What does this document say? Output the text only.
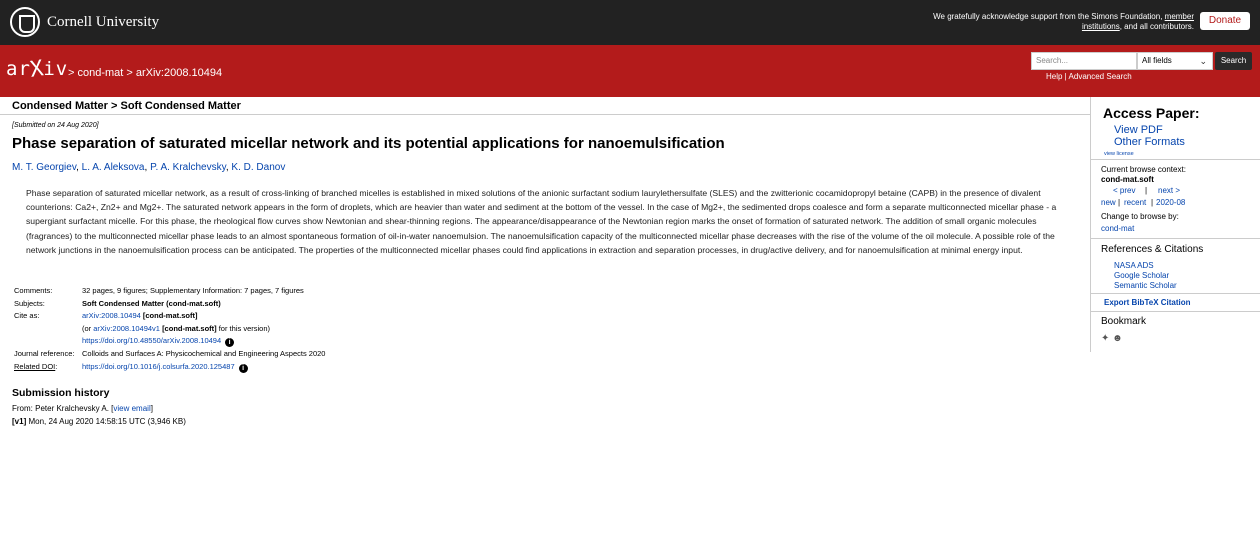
Cornell University	We gratefully acknowledge support from the Simons Foundation, member institutions, and all contributors.
Donate
arXiv > cond-mat > arXiv:2008.10494
Search...	All fields	⌄	Search
Help | Advanced Search
Condensed Matter > Soft Condensed Matter
[Submitted on 24 Aug 2020]
Phase separation of saturated micellar network and its potential applications for nanoemulsification
M. T. Georgiev, L. A. Aleksova, P. A. Kralchevsky, K. D. Danov
Phase separation of saturated micellar network, as a result of cross-linking of branched micelles is established in mixed solutions of the anionic surfactant sodium laurylethersulfate (SLES) and the zwitterionic cocamidopropyl betaine (CAPB) in the presence of divalent counterions: Ca2+, Zn2+ and Mg2+. The saturated network appears in the form of droplets, which are heavier than water and sediment at the bottom of the vessel. In the case of Mg2+, the sedimented drops coalesce and form a separate multiconnected micellar phase - a supergiant surfactant micelle. For this phase, the rheological flow curves show Newtonian and shear-thinning regions. The appearance/disappearance of the Newtonian region marks the onset of formation of saturated network. The addition of small organic molecules (fragrances) to the multiconnected micellar phase leads to an almost spontaneous formation of oil-in-water nanoemulsion. The nanoemulsification capacity of the multiconnected micellar phase decreases with the rise of the volume of the oil molecule. A possible role of the network junctions in the nanoemulsification process can be anticipated. The properties of the multiconnected micellar phases could find applications in extraction and separation processes, in drug/active delivery, and for nanoemulsification at minimal energy input.
Comments:	32 pages, 9 figures; Supplementary Information: 7 pages, 7 figures
Subjects:	Soft Condensed Matter (cond-mat.soft)
Cite as:	arXiv:2008.10494 [cond-mat.soft]
	(or arXiv:2008.10494v1 [cond-mat.soft] for this version)
	https://doi.org/10.48550/arXiv.2008.10494 i
Journal reference:	Colloids and Surfaces A: Physicochemical and Engineering Aspects 2020
Related DOI:	https://doi.org/10.1016/j.colsurfa.2020.125487 i
Submission history
From: Peter Kralchevsky A. [view email]
[v1] Mon, 24 Aug 2020 14:58:15 UTC (3,946 KB)
Access Paper:
View PDF
Other Formats
view license
Current browse context:
cond-mat.soft
< prev | next >
new | recent | 2020-08
Change to browse by:
cond-mat
References & Citations
NASA ADS
Google Scholar
Semantic Scholar
Export BibTeX Citation
Bookmark
✦ ☻
